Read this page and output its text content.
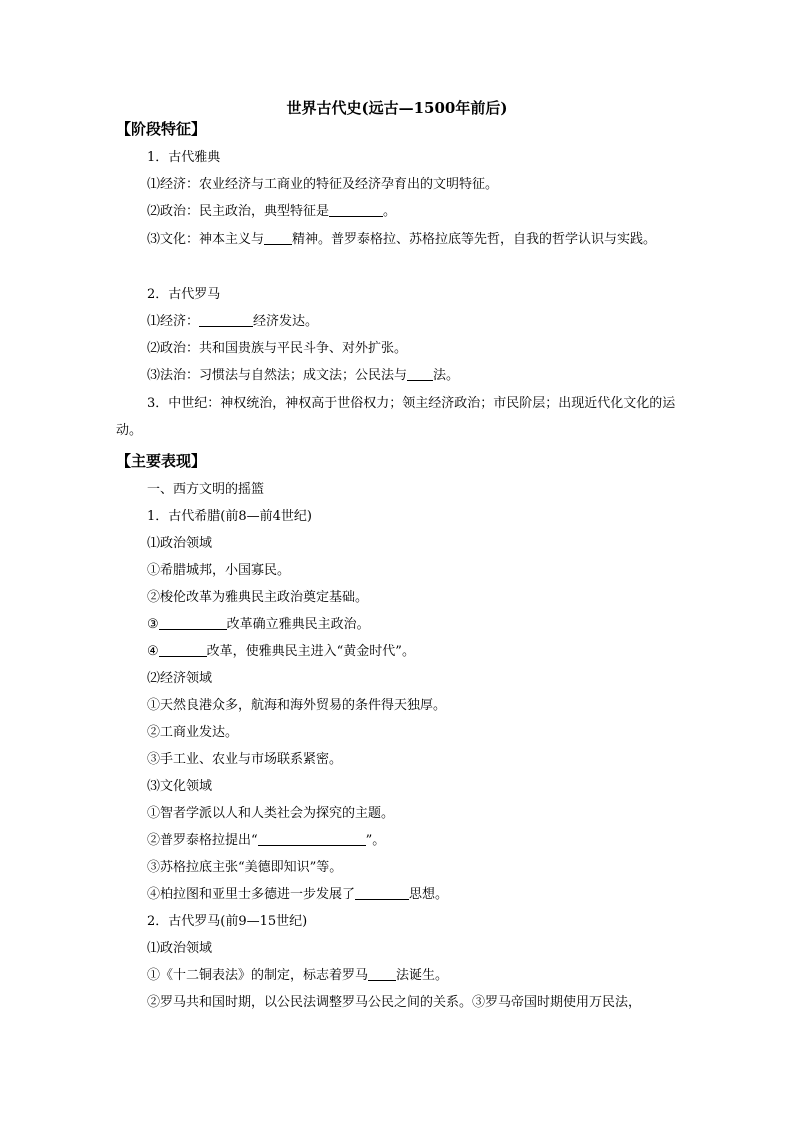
世界古代史(远古—1500年前后)
【阶段特征】
1．古代雅典
⑴经济：农业经济与工商业的特征及经济孕育出的文明特征。
⑵政治：民主政治，典型特征是	。
⑶文化：神本主义与 精神。普罗泰格拉、苏格拉底等先哲，自我的哲学认识与实践。
2．古代罗马
⑴经济：	经济发达。
⑵政治：共和国贵族与平民斗争、对外扩张。
⑶法治：习惯法与自然法；成文法；公民法与 法。
3．中世纪：神权统治，神权高于世俗权力；领主经济政治；市民阶层；出现近代化文化的运动。
【主要表现】
一、西方文明的摇篮
1．古代希腊(前8—前4世纪)
⑴政治领域
①希腊城邦，小国寡民。
②梭伦改革为雅典民主政治奠定基础。
③	改革确立雅典民主政治。
④	改革，使雅典民主进入“黄金时代”。
⑵经济领域
①天然良港众多，航海和海外贸易的条件得天独厚。
②工商业发达。
③手工业、农业与市场联系紧密。
⑶文化领域
①智者学派以人和人类社会为探究的主题。
②普罗泰格拉提出“	”。
③苏格拉底主张“美德即知识”等。
④柏拉图和亚里士多德进一步发展了	思想。
2．古代罗马(前9—15世纪)
⑴政治领域
①《十二铜表法》的制定，标志着罗马 法诞生。
②罗马共和国时期，以公民法调整罗马公民之间的关系。③罗马帝国时期使用万民法，
